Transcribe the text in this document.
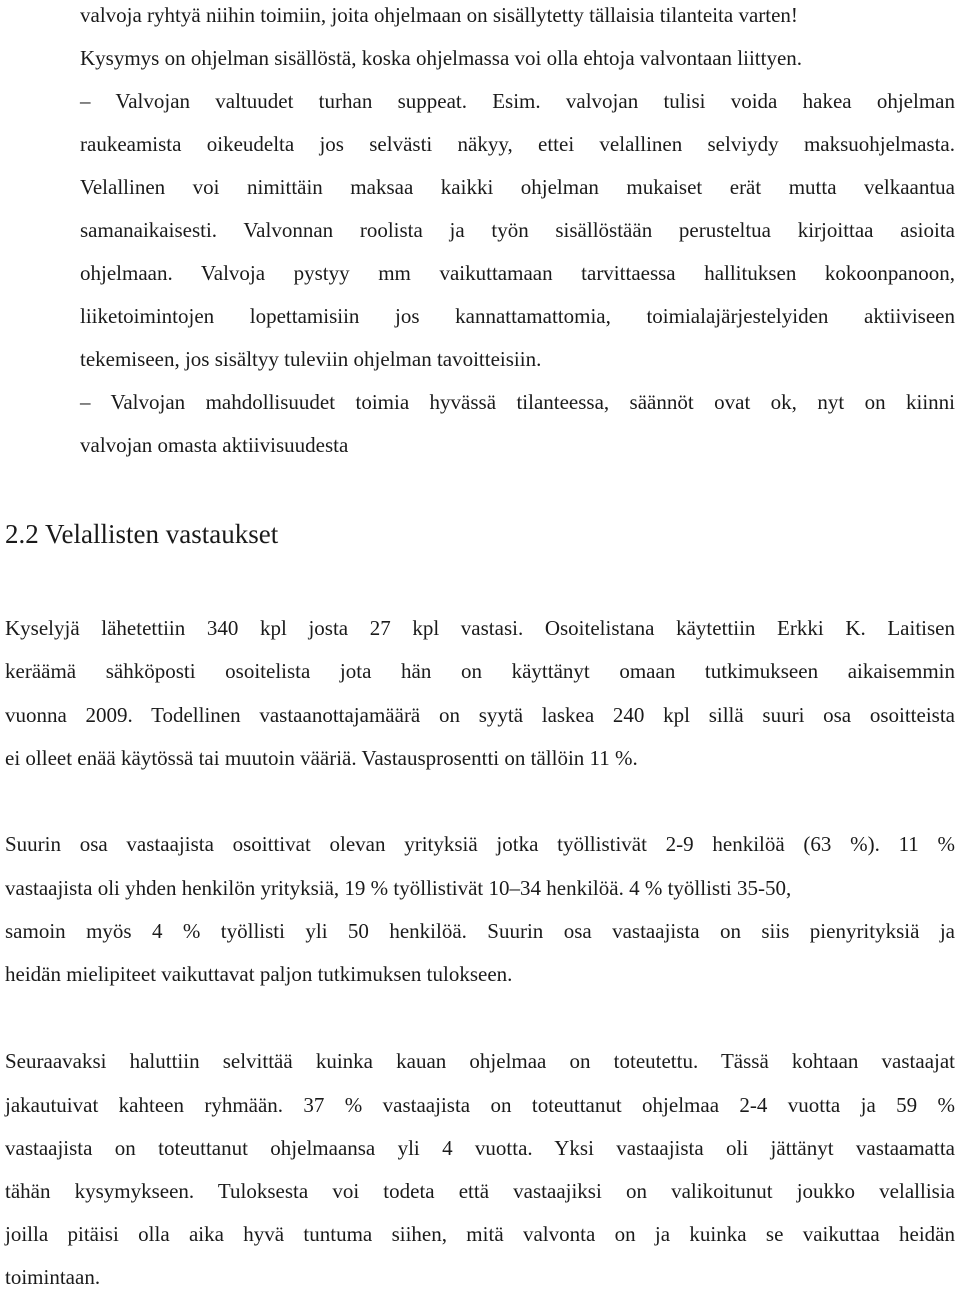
valvoja ryhtyä niihin toimiin, joita ohjelmaan on sisällytetty tällaisia tilanteita varten!
Kysymys on ohjelman sisällöstä, koska ohjelmassa voi olla ehtoja valvontaan liittyen.
– Valvojan valtuudet turhan suppeat. Esim. valvojan tulisi voida hakea ohjelman
raukeamista oikeudelta jos selvästi näkyy, ettei velallinen selviydy maksuohjelmasta.
Velallinen voi nimittäin maksaa kaikki ohjelman mukaiset erät mutta velkaantua
samanaikaisesti. Valvonnan roolista ja työn sisällöstään perusteltua kirjoittaa asioita
ohjelmaan. Valvoja pystyy mm vaikuttamaan tarvittaessa hallituksen kokoonpanoon,
liiketoimintojen lopettamisiin jos kannattamattomia, toimialajärjestelyiden aktiiviseen
tekemiseen, jos sisältyy tuleviin ohjelman tavoitteisiin.
– Valvojan mahdollisuudet toimia hyvässä tilanteessa, säännöt ovat ok, nyt on kiinni
valvojan omasta aktiivisuudesta
2.2 Velallisten vastaukset
Kyselyjä lähetettiin 340 kpl josta 27 kpl vastasi. Osoitelistana käytettiin Erkki K. Laitisen
keräämä sähköposti osoitelista jota hän on käyttänyt omaan tutkimukseen aikaisemmin
vuonna 2009. Todellinen vastaanottajamäärä on syytä laskea 240 kpl sillä suuri osa osoitteista
ei olleet enää käytössä tai muutoin vääriä. Vastausprosentti on tällöin 11 %.
Suurin osa vastaajista osoittivat olevan yrityksiä jotka työllistivät 2-9 henkilöä (63 %). 11 %
vastaajista oli yhden henkilön yrityksiä, 19 % työllistivät 10–34 henkilöä. 4 % työllisti 35-50,
samoin myös 4 % työllisti yli 50 henkilöä. Suurin osa vastaajista on siis pienyrityksiä ja
heidän mielipiteet vaikuttavat paljon tutkimuksen tulokseen.
Seuraavaksi haluttiin selvittää kuinka kauan ohjelmaa on toteutettu. Tässä kohtaan vastaajat
jakautuivat kahteen ryhmään. 37 % vastaajista on toteuttanut ohjelmaa 2-4 vuotta ja 59 %
vastaajista on toteuttanut ohjelmaansa yli 4 vuotta. Yksi vastaajista oli jättänyt vastaamatta
tähän kysymykseen. Tuloksesta voi todeta että vastaajiksi on valikoitunut joukko velallisia
joilla pitäisi olla aika hyvä tuntuma siihen, mitä valvonta on ja kuinka se vaikuttaa heidän
toimintaan.
